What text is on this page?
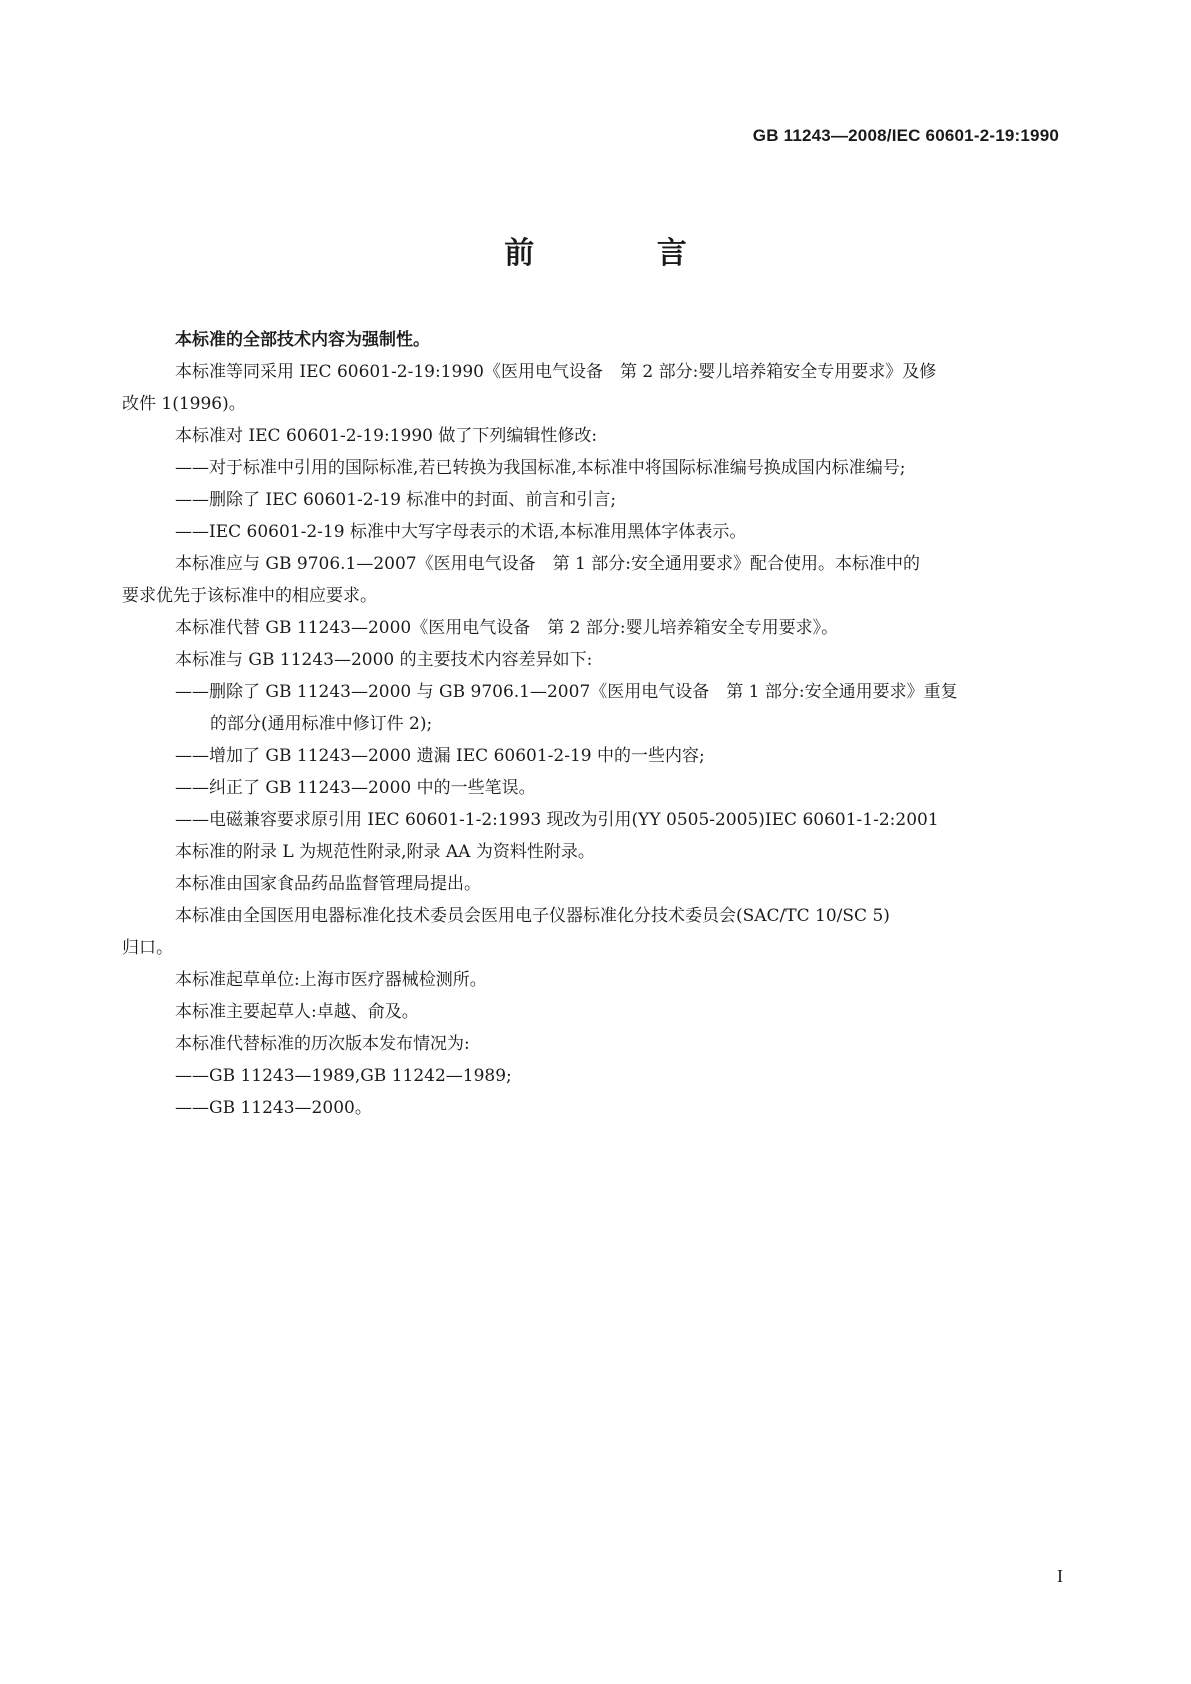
GB 11243—2008/IEC 60601-2-19:1990
前 言
本标准的全部技术内容为强制性。
本标准等同采用 IEC 60601-2-19:1990《医用电气设备　第 2 部分:婴儿培养箱安全专用要求》及修
改件 1(1996)。
本标准对 IEC 60601-2-19:1990 做了下列编辑性修改:
——对于标准中引用的国际标准,若已转换为我国标准,本标准中将国际标准编号换成国内标准编号;
——删除了 IEC 60601-2-19 标准中的封面、前言和引言;
——IEC 60601-2-19 标准中大写字母表示的术语,本标准用黑体字体表示。
本标准应与 GB 9706.1—2007《医用电气设备　第 1 部分:安全通用要求》配合使用。本标准中的
要求优先于该标准中的相应要求。
本标准代替 GB 11243—2000《医用电气设备　第 2 部分:婴儿培养箱安全专用要求》。
本标准与 GB 11243—2000 的主要技术内容差异如下:
——删除了 GB 11243—2000 与 GB 9706.1—2007《医用电气设备　第 1 部分:安全通用要求》重复
的部分(通用标准中修订件 2);
——增加了 GB 11243—2000 遗漏 IEC 60601-2-19 中的一些内容;
——纠正了 GB 11243—2000 中的一些笔误。
——电磁兼容要求原引用 IEC 60601-1-2:1993 现改为引用(YY 0505-2005)IEC 60601-1-2:2001
本标准的附录 L 为规范性附录,附录 AA 为资料性附录。
本标准由国家食品药品监督管理局提出。
本标准由全国医用电器标准化技术委员会医用电子仪器标准化分技术委员会(SAC/TC 10/SC 5)
归口。
本标准起草单位:上海市医疗器械检测所。
本标准主要起草人:卓越、俞及。
本标准代替标准的历次版本发布情况为:
——GB 11243—1989,GB 11242—1989;
——GB 11243—2000。
I
